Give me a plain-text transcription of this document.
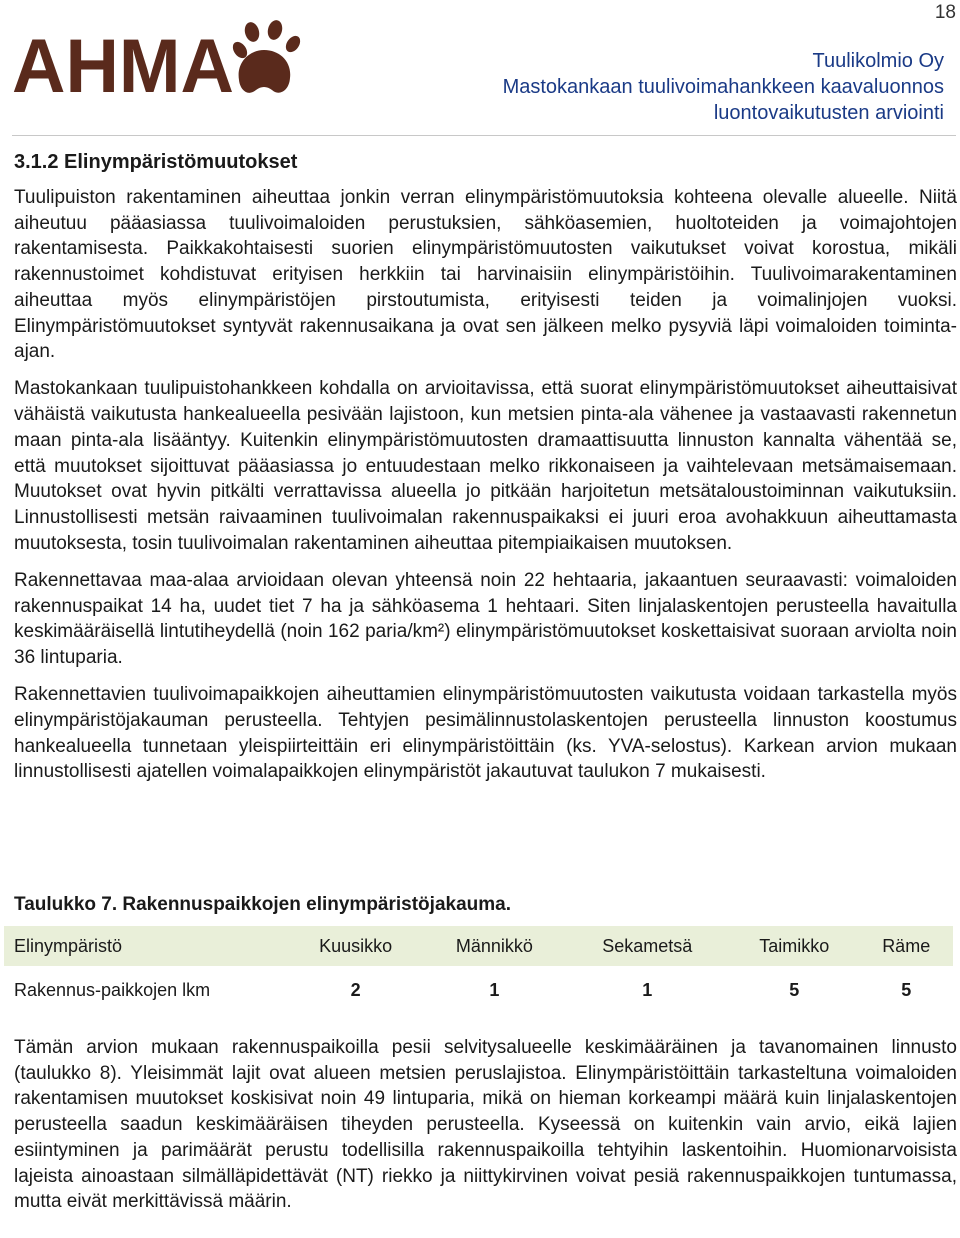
18
AHMA	Tuulikolmio Oy
Mastokankaan tuulivoimahankkeen kaavaluonnos
luontovaikutusten arviointi
3.1.2 Elinympäristömuutokset

Tuulipuiston rakentaminen aiheuttaa jonkin verran elinympäristömuutoksia kohteena olevalle alueelle. Niitä aiheutuu pääasiassa tuulivoimaloiden perustuksien, sähköasemien, huoltoteiden ja voimajohtojen rakentamisesta. Paikkakohtaisesti suorien elinympäristömuutosten vaikutukset voivat korostua, mikäli rakennustoimet kohdistuvat erityisen herkkiin tai harvinaisiin elinympäristöihin. Tuulivoimarakentaminen aiheuttaa myös elinympäristöjen pirstoutumista, erityisesti teiden ja voimalinjojen vuoksi. Elinympäristömuutokset syntyvät rakennusaikana ja ovat sen jälkeen melko pysyviä läpi voimaloiden toiminta-ajan.

Mastokankaan tuulipuistohankkeen kohdalla on arvioitavissa, että suorat elinympäristömuutokset aiheuttaisivat vähäistä vaikutusta hankealueella pesivään lajistoon, kun metsien pinta-ala vähenee ja vastaavasti rakennetun maan pinta-ala lisääntyy. Kuitenkin elinympäristömuutosten dramaattisuutta linnuston kannalta vähentää se, että muutokset sijoittuvat pääasiassa jo entuudestaan melko rikkonaiseen ja vaihtelevaan metsämaisemaan. Muutokset ovat hyvin pitkälti verrattavissa alueella jo pitkään harjoitetun metsätaloustoiminnan vaikutuksiin. Linnustollisesti metsän raivaaminen tuulivoimalan rakennuspaikaksi ei juuri eroa avohakkuun aiheuttamasta muutoksesta, tosin tuulivoimalan rakentaminen aiheuttaa pitempiaikaisen muutoksen.

Rakennettavaa maa-alaa arvioidaan olevan yhteensä noin 22 hehtaaria, jakaantuen seuraavasti: voimaloiden rakennuspaikat 14 ha, uudet tiet 7 ha ja sähköasema 1 hehtaari. Siten linjalaskentojen perusteella havaitulla keskimääräisellä lintutiheydellä (noin 162 paria/km²) elinympäristömuutokset koskettaisivat suoraan arviolta noin 36 lintuparia.

Rakennettavien tuulivoimapaikkojen aiheuttamien elinympäristömuutosten vaikutusta voidaan tarkastella myös elinympäristöjakauman perusteella. Tehtyjen pesimälinnustolaskentojen perusteella linnuston koostumus hankealueella tunnetaan yleispiirteittäin eri elinympäristöittäin (ks. YVA-selostus). Karkean arvion mukaan linnustollisesti ajatellen voimalapaikkojen elinympäristöt jakautuvat taulukon 7 mukaisesti.

Taulukko 7. Rakennuspaikkojen elinympäristöjakauma.
Elinympäristö	Kuusikko	Männikkö	Sekametsä	Taimikko	Räme

Rakennus-paikkojen lkm	2	1	1	5	5

Tämän arvion mukaan rakennuspaikoilla pesii selvitysalueelle keskimääräinen ja tavanomainen linnusto (taulukko 8). Yleisimmät lajit ovat alueen metsien peruslajistoa. Elinympäristöittäin tarkasteltuna voimaloiden rakentamisen muutokset koskisivat noin 49 lintuparia, mikä on hieman korkeampi määrä kuin linjalaskentojen perusteella saadun keskimääräisen tiheyden perusteella. Kyseessä on kuitenkin vain arvio, eikä lajien esiintyminen ja parimäärät perustu todellisilla rakennuspaikoilla tehtyihin laskentoihin. Huomionarvoisista lajeista ainoastaan silmälläpidettävät (NT) riekko ja niittykirvinen voivat pesiä rakennuspaikkojen tuntumassa, mutta eivät merkittävissä määrin.
